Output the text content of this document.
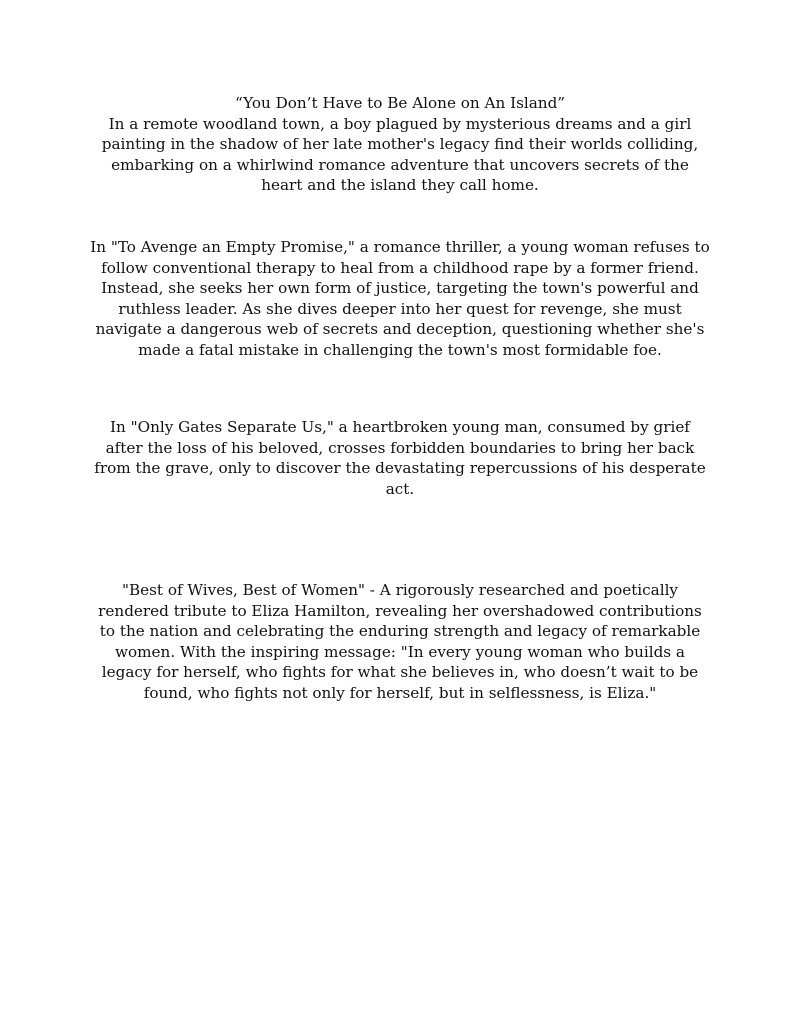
“You Don’t Have to Be Alone on An Island”

In a remote woodland town, a boy plagued by mysterious dreams and a girl painting in the shadow of her late mother's legacy find their worlds colliding, embarking on a whirlwind romance adventure that uncovers secrets of the heart and the island they call home.

In "To Avenge an Empty Promise," a romance thriller, a young woman refuses to follow conventional therapy to heal from a childhood rape by a former friend. Instead, she seeks her own form of justice, targeting the town's powerful and ruthless leader. As she dives deeper into her quest for revenge, she must navigate a dangerous web of secrets and deception, questioning whether she's made a fatal mistake in challenging the town's most formidable foe.

In "Only Gates Separate Us," a heartbroken young man, consumed by grief after the loss of his beloved, crosses forbidden boundaries to bring her back from the grave, only to discover the devastating repercussions of his desperate act.

"Best of Wives, Best of Women" - A rigorously researched and poetically rendered tribute to Eliza Hamilton, revealing her overshadowed contributions to the nation and celebrating the enduring strength and legacy of remarkable women. With the inspiring message: "In every young woman who builds a legacy for herself, who fights for what she believes in, who doesn’t wait to be found, who fights not only for herself, but in selflessness, is Eliza."
